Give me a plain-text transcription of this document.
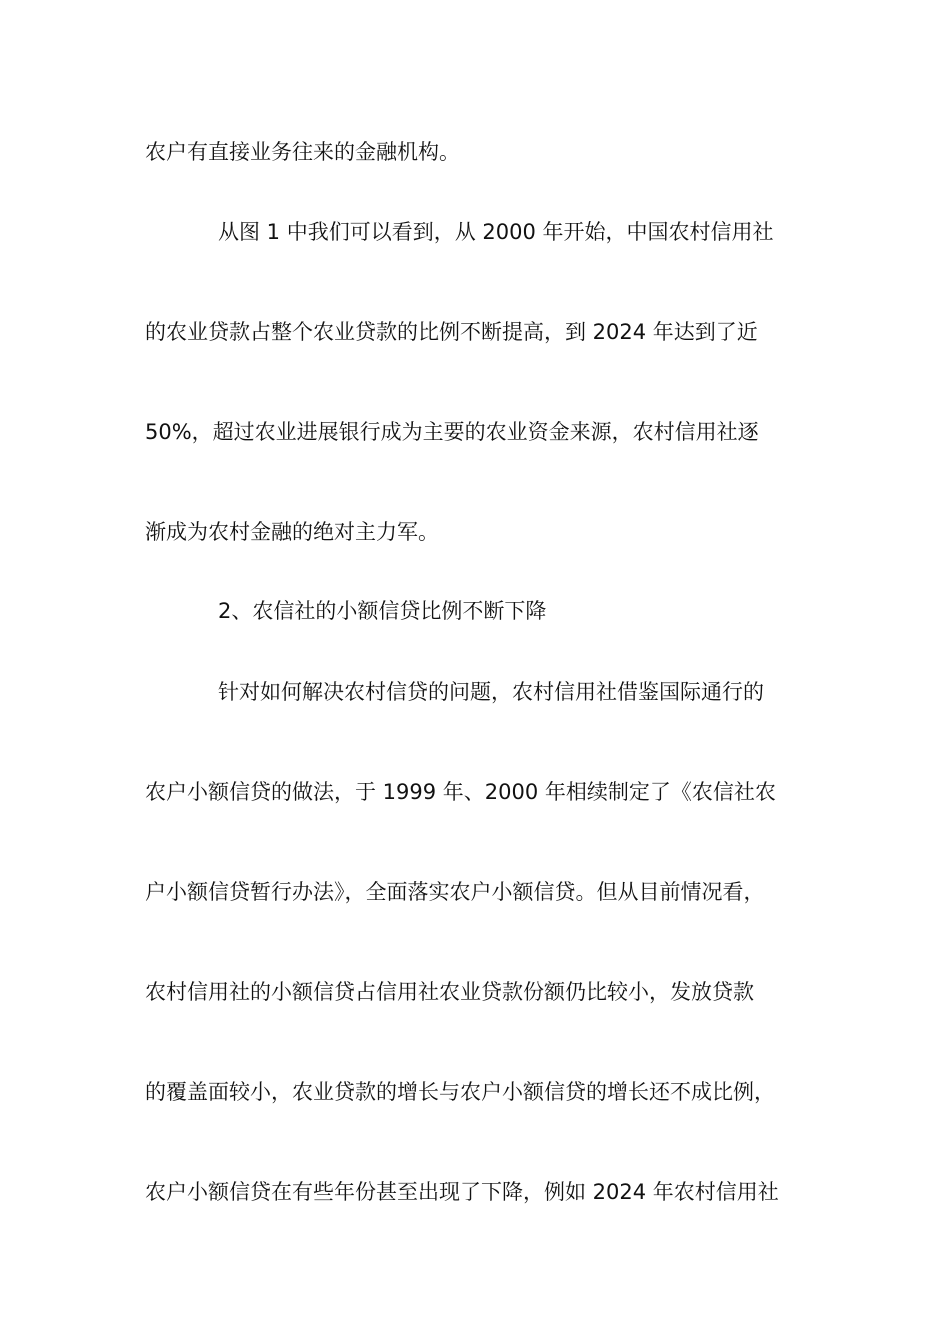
农户有直接业务往来的金融机构。
从图 1 中我们可以看到，从 2000 年开始，中国农村信用社
的农业贷款占整个农业贷款的比例不断提高，到 2024 年达到了近
50%，超过农业进展银行成为主要的农业资金来源，农村信用社逐
渐成为农村金融的绝对主力军。
2、农信社的小额信贷比例不断下降
针对如何解决农村信贷的问题，农村信用社借鉴国际通行的
农户小额信贷的做法，于 1999 年、2000 年相续制定了《农信社农
户小额信贷暂行办法》，全面落实农户小额信贷。但从目前情况看，
农村信用社的小额信贷占信用社农业贷款份额仍比较小，发放贷款
的覆盖面较小，农业贷款的增长与农户小额信贷的增长还不成比例，
农户小额信贷在有些年份甚至出现了下降，例如 2024 年农村信用社
